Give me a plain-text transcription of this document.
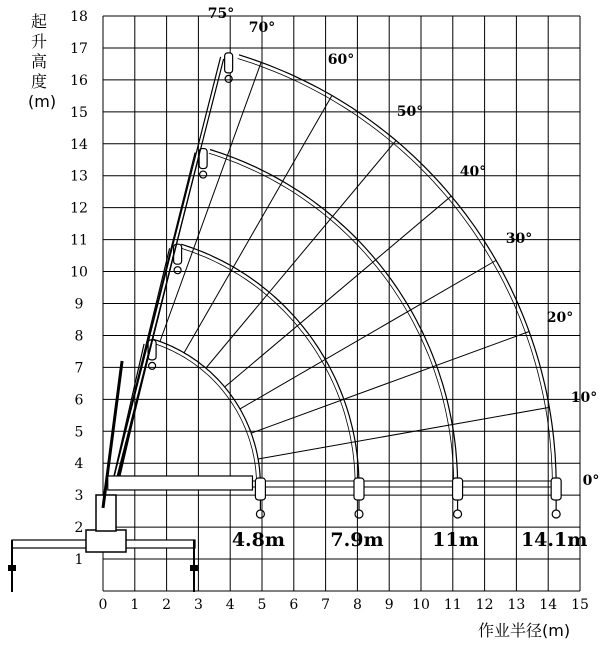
起升高度(m)
作业半径(m)
0 1 2 3 4 5 6 7 8 9 10 11 12 13 14 15
1
2
3
4
5
6
7
8
9
10
11
12
13
14
15
16
17
18
4.8m 7.9m	11m 14.1m
0°
10°
20°
30°
40°
50°
60°
70°
75°
